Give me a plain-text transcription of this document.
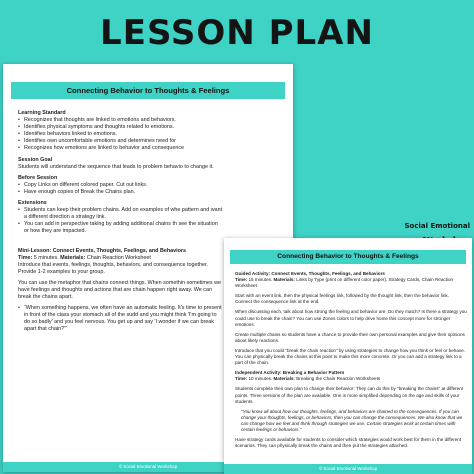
LESSON PLAN
Connecting Behavior to Thoughts & Feelings
Learning Standard
• Recognizes that thoughts are linked to emotions and behaviors.
• Identifies physical symptoms and thoughts related to emotions.
• Identifies behaviors linked to emotions.
• Identifies own uncomfortable emotions and determines need for
• Recognizes how emotions are linked to behavior and consequence
Session Goal
Students will understand the sequence that leads to problem behavio to change it.
Before Session
• Copy Links on different colored paper. Cut out links.
• Have enough copies of Break the Chains plan.
Extensions
• Students can keep their problem chains. Add on examples of whe pattern and want a different direction a strategy link.
• You can add in perspective taking by adding additional chains th see the situation or how they are impacted.
Mini-Lesson: Connect Events, Thoughts, Feelings, and Behaviors
Time: 5 minutes. Materials: Chain Reaction Worksheet
Introduce that events, feelings, thoughts, behaviors, and consequence together. Provide 1-2 examples to your group.
You can use the metaphor that chains connect things. When somethin sometimes we have feelings and thoughts and actions that are chain happen right away. We can break the chains apart.
• “When something happens, we often have an automatic feeling. It's time to present in front of the class your stomach all of the sudd and you might think 'I'm going to do so badly' and you feel nervous. You get up and say 'I wonder if we can break apart that chain?'”
© Social Emotional Workshop
Social Emotional
Connecting Behavior to Thoughts & Feelings
Guided Activity: Connect Events, Thoughts, Feelings, and Behaviors
Time: 15 minutes. Materials: Links by Type (print on different color paper), Strategy Cards, Chain Reaction Worksheet
Start with an event link, then the physical feelings link, followed by the thought link, then the behavior link. Connect the consequence link at the end.
When discussing each, talk about how strong the feeling and behavior are. Do they match? Is there a strategy you could use to break the chain? You can use Zones colors to help drive home this concept more for stronger emotions.
Create multiple chains so students have a chance to provide their own personal examples and give their opinions about likely reactions.
Introduce that you could "break the chain reaction" by using strategies to change how you think or feel or behave. You can physically break the chains at this point to make this more concrete. Or you can add a strategy link to a part of the chain.
Independent Activity: Breaking a Behavior Pattern
Time: 10 minutes. Materials: Breaking the Chain Reaction Worksheets
Students complete their own plan to change their behavior: They can do this by "breaking the chains" at different points. Three versions of the plan are available. One is more simplified depending on the age and skills of your students.
"You know all about how our thoughts, feelings, and behaviors are chained to the consequences. If you can change your thoughts, feelings, or behaviors, then you can change the consequences. We also know that we can change how we feel and think through strategies we use. Certain strategies work at certain times with certain feelings or behaviors."
Have strategy cards available for students to consider which strategies would work best for them in the different scenarios. They can physically break the chains and then put the strategies attached.
© Social Emotional Workshop
